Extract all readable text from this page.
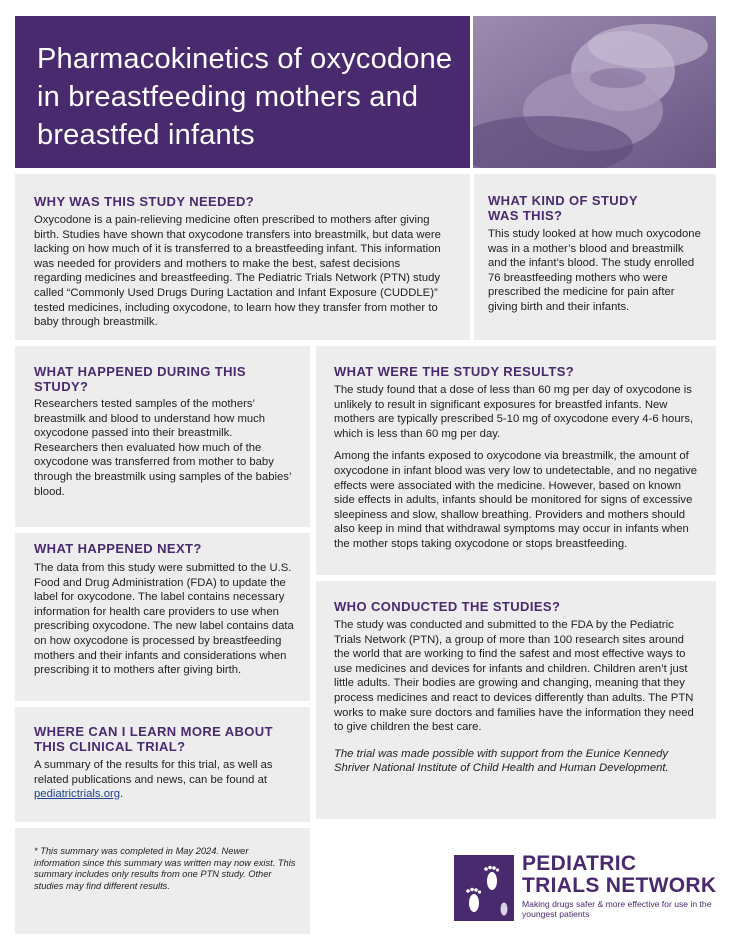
Pharmacokinetics of oxycodone in breastfeeding mothers and breastfed infants
WHY WAS THIS STUDY NEEDED?

Oxycodone is a pain-relieving medicine often prescribed to mothers after giving birth. Studies have shown that oxycodone transfers into breastmilk, but data were lacking on how much of it is transferred to a breastfeeding infant. This information was needed for providers and mothers to make the best, safest decisions regarding medicines and breastfeeding. The Pediatric Trials Network (PTN) study called “Commonly Used Drugs During Lactation and Infant Exposure (CUDDLE)” tested medicines, including oxycodone, to learn how they transfer from mother to baby through breastmilk.

WHAT KIND OF STUDY WAS THIS?

This study looked at how much oxycodone was in a mother’s blood and breastmilk and the infant’s blood. The study enrolled 76 breastfeeding mothers who were prescribed the medicine for pain after giving birth and their infants.

WHAT HAPPENED DURING THIS STUDY?

Researchers tested samples of the mothers’ breastmilk and blood to understand how much oxycodone passed into their breastmilk. Researchers then evaluated how much of the oxycodone was transferred from mother to baby through the breastmilk using samples of the babies’ blood.

WHAT WERE THE STUDY RESULTS?

The study found that a dose of less than 60 mg per day of oxycodone is unlikely to result in significant exposures for breastfed infants. New mothers are typically prescribed 5-10 mg of oxycodone every 4-6 hours, which is less than 60 mg per day.

Among the infants exposed to oxycodone via breastmilk, the amount of oxycodone in infant blood was very low to undetectable, and no negative effects were associated with the medicine. However, based on known side effects in adults, infants should be monitored for signs of excessive sleepiness and slow, shallow breathing. Providers and mothers should also keep in mind that withdrawal symptoms may occur in infants when the mother stops taking oxycodone or stops breastfeeding.

WHAT HAPPENED NEXT?

The data from this study were submitted to the U.S. Food and Drug Administration (FDA) to update the label for oxycodone. The label contains necessary information for health care providers to use when prescribing oxycodone. The new label contains data on how oxycodone is processed by breastfeeding mothers and their infants and considerations when prescribing it to mothers after giving birth.

WHO CONDUCTED THE STUDIES?

The study was conducted and submitted to the FDA by the Pediatric Trials Network (PTN), a group of more than 100 research sites around the world that are working to find the safest and most effective ways to use medicines and devices for infants and children. Children aren’t just little adults. Their bodies are growing and changing, meaning that they process medicines and react to devices differently than adults. The PTN works to make sure doctors and families have the information they need to give children the best care.

The trial was made possible with support from the Eunice Kennedy Shriver National Institute of Child Health and Human Development.

WHERE CAN I LEARN MORE ABOUT THIS CLINICAL TRIAL?

A summary of the results for this trial, as well as related publications and news, can be found at pediatrictrials.org.

* This summary was completed in May 2024. Newer information since this summary was written may now exist. This summary includes only results from one PTN study. Other studies may find different results.

PEDIATRIC
TRIALS NETWORK
Making drugs safer & more effective for use in the youngest patients
